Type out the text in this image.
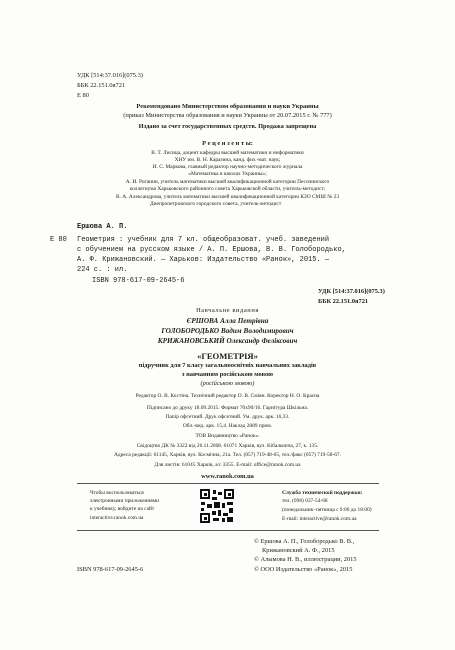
УДК [514:37.016](075.3)
ББК 22.151.0я721
Е 80
Рекомендовано Министерством образования и науки Украины
(приказ Министерства образования и науки Украины от 20.07.2015 г. № 777)
Издано за счет государственных средств. Продажа запрещена
Р е ц е н з е н т ы:
В. Т. Лисица, доцент кафедры высшей математики и информатики
ХНУ им. В. Н. Каразина, канд. физ.-мат. наук;
И. С. Маркова, главный редактор научно-методического журнала
«Математика в школах Украины»;
А. И. Роганин, учитель математики высшей квалификационной категории Песочинского
коллегиума Харьковского районного совета Харьковской области, учитель-методист;
В. А. Александрова, учитель математики высшей квалификационной категории КЗО СМШ № 23
Днепропетровского городского совета, учитель-методист
Ершова А. П.
Е 80 Геометрия : учебник для 7 кл. общеобразоват. учеб. заведений
с обучением на русском языке / А. П. Ершова, В. В. Голобородько,
А. Ф. Крижановский. — Харьков: Издательство «Ранок», 2015. —
224 с. : ил.
ISBN 978-617-09-2645-6
УДК [514:37.016](075.3)
ББК 22.151.0я721
Навчальне видання
ЄРШОВА Алла Петрівна
ГОЛОБОРОДЬКО Вадим Володимирович
КРИЖАНОВСЬКИЙ Олександр Феліксович
«ГЕОМЕТРІЯ»
підручник для 7 класу загальноосвітніх навчальних закладів
з навчанням російською мовою
(російською мовою)
Редактор О. В. Костіна. Технічний редактор О. В. Сміян. Коректор Н. О. Красна
Підписано до друку 18.09.2015. Формат 70х90/16. Гарнітура Шкільна.
Папір офсетний. Друк офсетний. Ум. друк. арк. 16,33.
Обл.-вид. арк. 15,4. Наклад 2889 прим.
ТОВ Видавництво «Ранок».
Свідоцтво ДК № 3322 від 26.11.2008. 61071 Харків, вул. Кібальчича, 27, к. 135.
Адреса редакції: 61145, Харків, вул. Космічна, 21а. Тел. (057) 719-48-65, тел./факс (057) 719-58-67.
Для листів: 61045 Харків, а/с 3355. E-mail: office@ranok.com.ua
www.ranok.com.ua
Чтобы воспользоваться
электронными приложениями
к учебнику, войдите на сайт
interactive.ranok.com.ua
Служба технической поддержки:
тел. (098) 037-54-68
(понедельник–пятница с 9:00 до 18:00)
E-mail: interactive@ranok.com.ua
© Ершова А. П., Голобородько В. В.,
Крижановский А. Ф., 2015
© Алымова Н. В., иллюстрации, 2015
ISBN 978-617-09-2645-6	© ООО Издательство «Ранок», 2015
